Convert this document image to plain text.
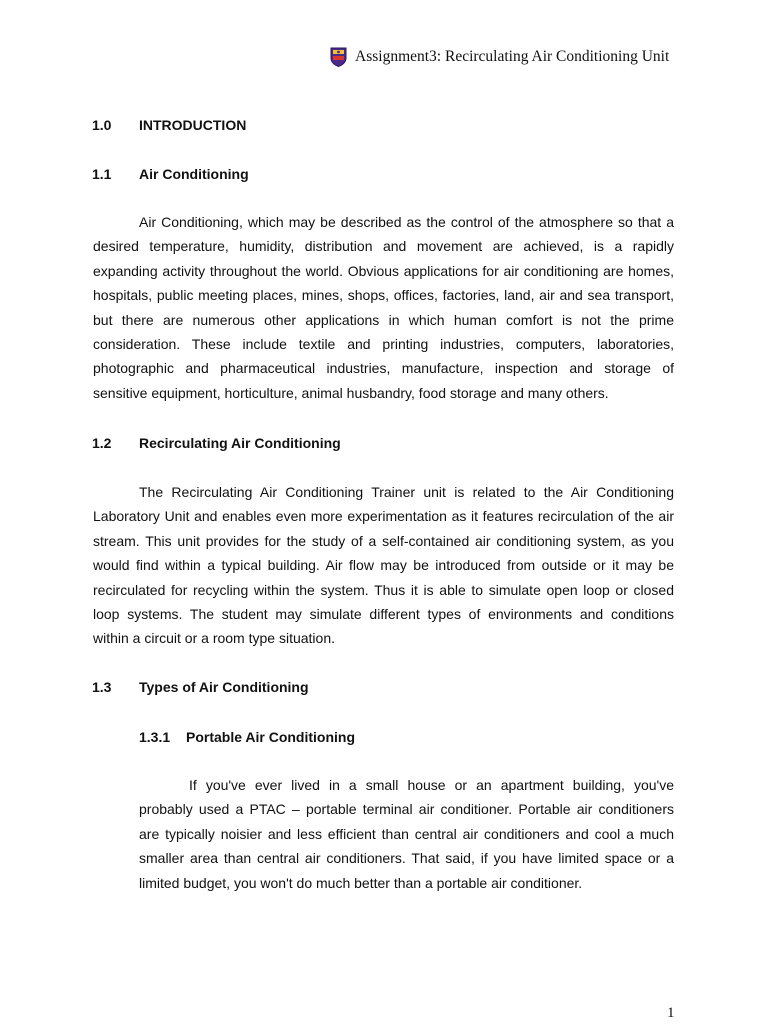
Assignment3: Recirculating Air Conditioning Unit
1.0 INTRODUCTION
1.1 Air Conditioning
Air Conditioning, which may be described as the control of the atmosphere so that a
desired temperature, humidity, distribution and movement are achieved, is a rapidly
expanding activity throughout the world. Obvious applications for air conditioning are homes,
hospitals, public meeting places, mines, shops, offices, factories, land, air and sea transport,
but there are numerous other applications in which human comfort is not the prime
consideration. These include textile and printing industries, computers, laboratories,
photographic and pharmaceutical industries, manufacture, inspection and storage of
sensitive equipment, horticulture, animal husbandry, food storage and many others.
1.2 Recirculating Air Conditioning
The Recirculating Air Conditioning Trainer unit is related to the Air Conditioning
Laboratory Unit and enables even more experimentation as it features recirculation of the air
stream. This unit provides for the study of a self-contained air conditioning system, as you
would find within a typical building. Air flow may be introduced from outside or it may be
recirculated for recycling within the system. Thus it is able to simulate open loop or closed
loop systems. The student may simulate different types of environments and conditions
within a circuit or a room type situation.
1.3 Types of Air Conditioning
1.3.1 Portable Air Conditioning
If you've ever lived in a small house or an apartment building, you've
probably used a PTAC – portable terminal air conditioner. Portable air conditioners
are typically noisier and less efficient than central air conditioners and cool a much
smaller area than central air conditioners. That said, if you have limited space or a
limited budget, you won't do much better than a portable air conditioner.
1
